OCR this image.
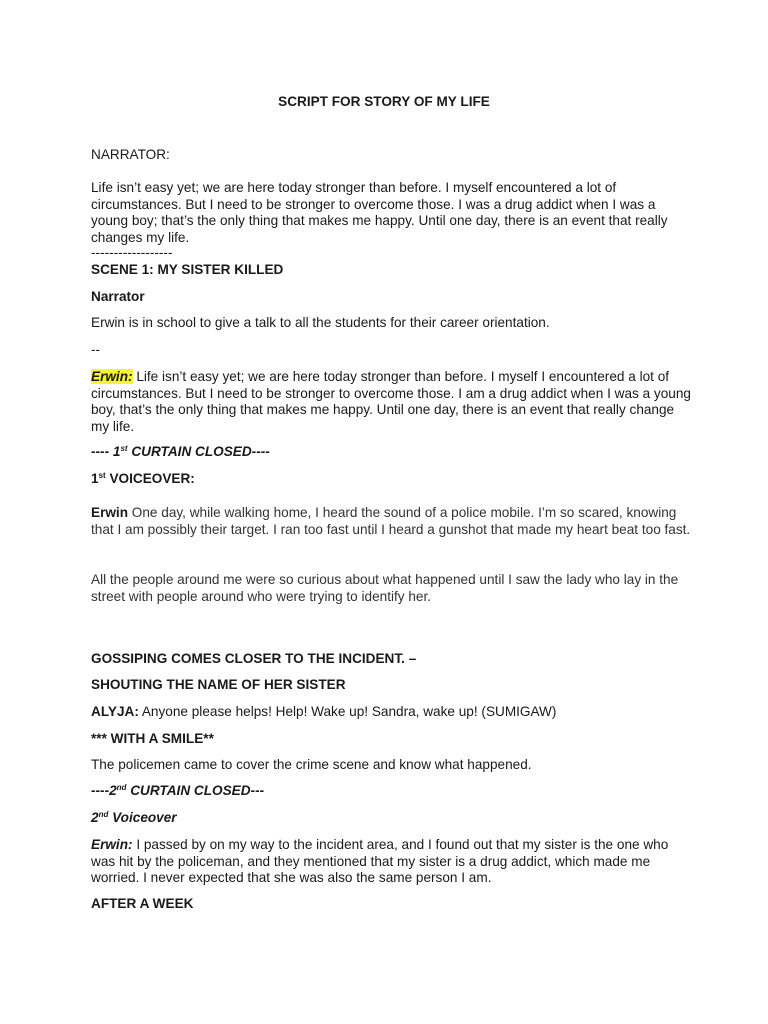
SCRIPT FOR STORY OF MY LIFE
NARRATOR:
Life isn’t easy yet; we are here today stronger than before. I myself encountered a lot of circumstances. But I need to be stronger to overcome those. I was a drug addict when I was a young boy; that’s the only thing that makes me happy. Until one day, there is an event that really changes my life.
------------------
SCENE 1: MY SISTER KILLED
Narrator
Erwin is in school to give a talk to all the students for their career orientation.
--
Erwin: Life isn’t easy yet; we are here today stronger than before. I myself I encountered a lot of circumstances. But I need to be stronger to overcome those. I am a drug addict when I was a young boy, that’s the only thing that makes me happy. Until one day, there is an event that really change my life.
---- 1st CURTAIN CLOSED----
1st VOICEOVER:
Erwin One day, while walking home, I heard the sound of a police mobile. I’m so scared, knowing that I am possibly their target. I ran too fast until I heard a gunshot that made my heart beat too fast.
All the people around me were so curious about what happened until I saw the lady who lay in the street with people around who were trying to identify her.
GOSSIPING COMES CLOSER TO THE INCIDENT. –
SHOUTING THE NAME OF HER SISTER
ALYJA: Anyone please helps! Help! Wake up! Sandra, wake up! (SUMIGAW)
*** WITH A SMILE**
The policemen came to cover the crime scene and know what happened.
----2nd CURTAIN CLOSED---
2nd Voiceover
Erwin: I passed by on my way to the incident area, and I found out that my sister is the one who was hit by the policeman, and they mentioned that my sister is a drug addict, which made me worried. I never expected that she was also the same person I am.
AFTER A WEEK
